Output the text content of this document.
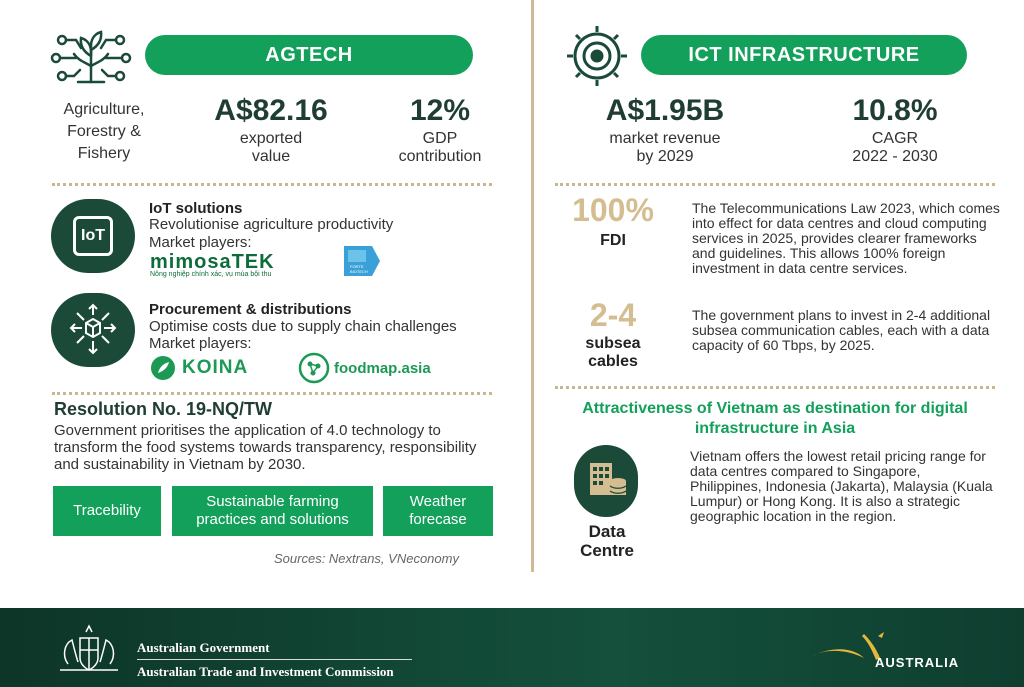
AGTECH
Agriculture,
Forestry &
Fishery
A$82.16
exported
value
12%
GDP
contribution
IoT
IoT solutions
Revolutionise agriculture productivity
Market players:
mimosaTEK
Nông nghiệp chính xác, vụ mùa bội thu
FORTE BIOTECH
Procurement & distributions
Optimise costs due to supply chain challenges
Market players:
KOINA	foodmap.asia
Resolution No. 19-NQ/TW
Government prioritises the application of 4.0 technology to transform the food systems towards transparency, responsibility and sustainability in Vietnam by 2030.
Tracebility
Sustainable farming
practices and solutions
Weather
forecase
Sources: Nextrans, VNeconomy
ICT INFRASTRUCTURE
A$1.95B
market revenue
by 2029
10.8%
CAGR
2022 - 2030
100%
FDI
The Telecommunications Law 2023, which comes into effect for data centres and cloud computing services in 2025, provides clearer frameworks and guidelines. This allows 100% foreign investment in data centre services.
2-4
subsea
cables
The government plans to invest in 2-4 additional subsea communication cables, each with a data capacity of 60 Tbps, by 2025.
Attractiveness of Vietnam as destination for digital infrastructure in Asia
Data
Centre
Vietnam offers the lowest retail pricing range for data centres compared to Singapore, Philippines, Indonesia (Jakarta), Malaysia (Kuala Lumpur) or Hong Kong. It is also a strategic geographic location in the region.
Australian Government
Australian Trade and Investment Commission
AUSTRALIA
